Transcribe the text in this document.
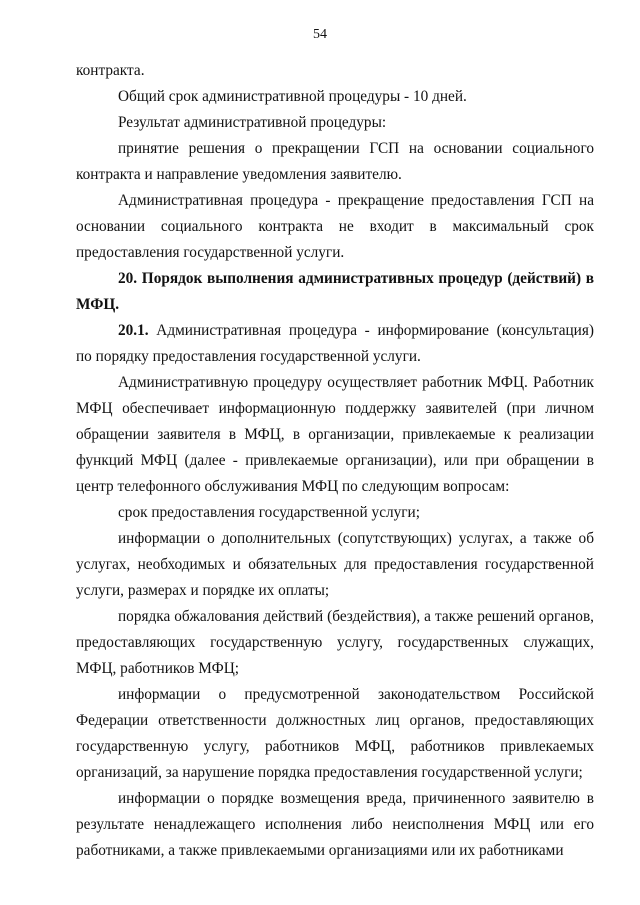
54

контракта.

Общий срок административной процедуры - 10 дней.

Результат административной процедуры:

принятие решения о прекращении ГСП на основании социального контракта и направление уведомления заявителю.

Административная процедура - прекращение предоставления ГСП на основании социального контракта не входит в максимальный срок предоставления государственной услуги.

20. Порядок выполнения административных процедур (действий) в МФЦ.

20.1. Административная процедура - информирование (консультация) по порядку предоставления государственной услуги.

Административную процедуру осуществляет работник МФЦ. Работник МФЦ обеспечивает информационную поддержку заявителей (при личном обращении заявителя в МФЦ, в организации, привлекаемые к реализации функций МФЦ (далее - привлекаемые организации), или при обращении в центр телефонного обслуживания МФЦ по следующим вопросам:

срок предоставления государственной услуги;

информации о дополнительных (сопутствующих) услугах, а также об услугах, необходимых и обязательных для предоставления государственной услуги, размерах и порядке их оплаты;

порядка обжалования действий (бездействия), а также решений органов, предоставляющих государственную услугу, государственных служащих, МФЦ, работников МФЦ;

информации о предусмотренной законодательством Российской Федерации ответственности должностных лиц органов, предоставляющих государственную услугу, работников МФЦ, работников привлекаемых организаций, за нарушение порядка предоставления государственной услуги;

информации о порядке возмещения вреда, причиненного заявителю в результате ненадлежащего исполнения либо неисполнения МФЦ или его работниками, а также привлекаемыми организациями или их работниками
